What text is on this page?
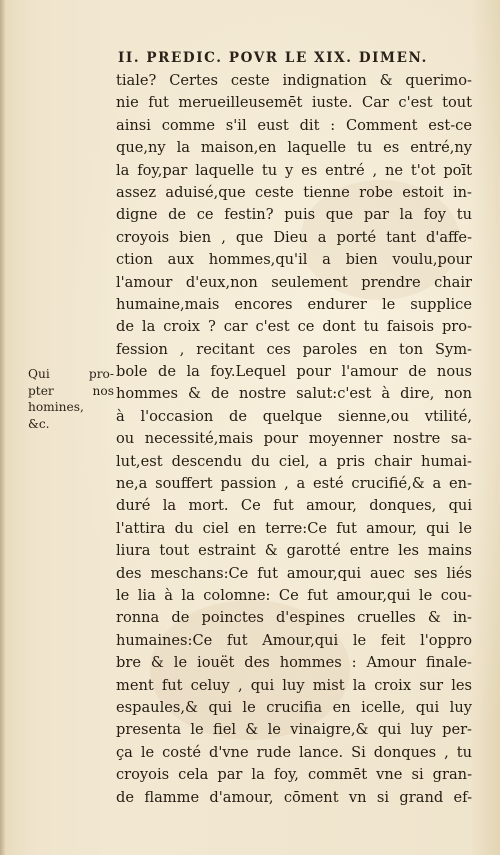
II. PREDIC. POVR LE XIX. DIMEN.
tiale? Certes ceste indignation & querimo-
nie fut merueilleusemēt iuste. Car c'est tout
ainsi comme s'il eust dit : Comment est-ce
que,ny la maison,en laquelle tu es entré,ny
la foy,par laquelle tu y es entré , ne t'ot poīt
assez aduisé,que ceste tienne robe estoit in-
digne de ce festin? puis que par la foy tu
croyois bien , que Dieu a porté tant d'affe-
ction aux hommes,qu'il a bien voulu,pour
l'amour d'eux,non seulement prendre chair
humaine,mais encores endurer le supplice
de la croix ? car c'est ce dont tu faisois pro-
fession , recitant ces paroles en ton Sym-
bole de la foy.Lequel pour l'amour de nous
hommes & de nostre salut:c'est à dire, non
à l'occasion de quelque sienne,ou vtilité,
ou necessité,mais pour moyenner nostre sa-
lut,est descendu du ciel, a pris chair humai-
ne,a souffert passion , a esté crucifié,& a en-
duré la mort. Ce fut amour, donques, qui
l'attira du ciel en terre:Ce fut amour, qui le
liura tout estraint & garotté entre les mains
des meschans:Ce fut amour,qui auec ses liés
le lia à la colomne: Ce fut amour,qui le cou-
ronna de poinctes d'espines cruelles & in-
humaines:Ce fut Amour,qui le feit l'oppro
bre & le iouët des hommes : Amour finale-
ment fut celuy , qui luy mist la croix sur les
espaules,& qui le crucifia en icelle, qui luy
presenta le fiel & le vinaigre,& qui luy per-
ça le costé d'vne rude lance. Si donques , tu
croyois cela par la foy, commēt vne si gran-
de flamme d'amour, cōment vn si grand ef-
Qui pro-
pter nos
homines,
&c.
